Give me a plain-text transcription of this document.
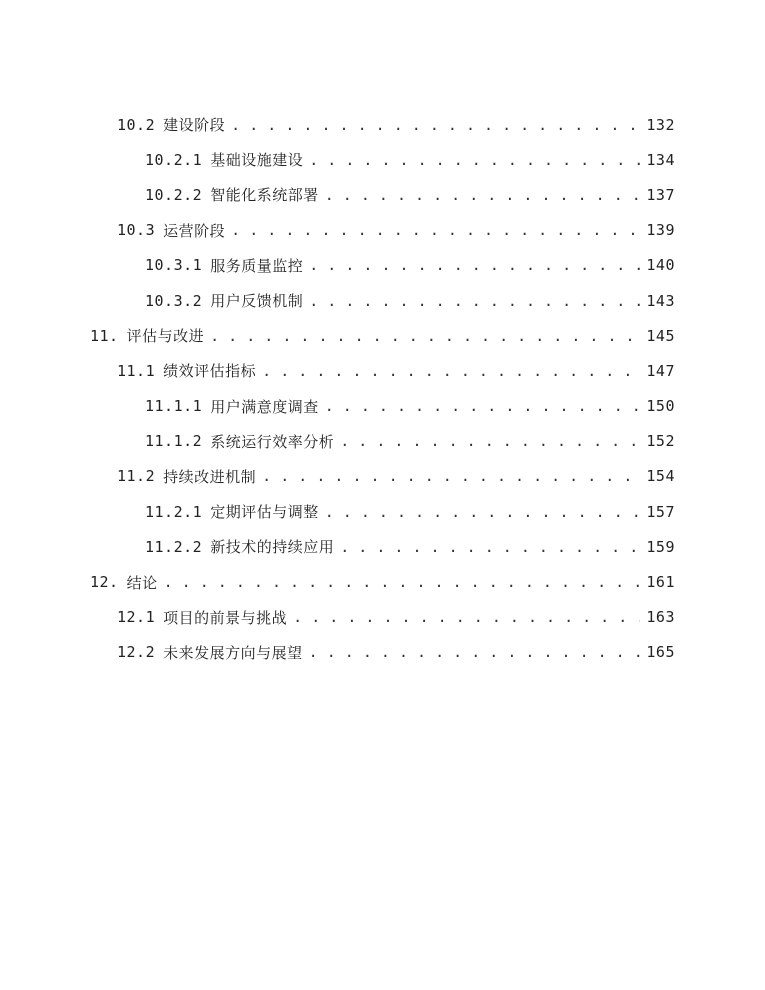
10.2 建设阶段 . . .	132
10.2.1 基础设施建设 . . .	134
10.2.2 智能化系统部署 . . .	137
10.3 运营阶段 . . .	139
10.3.1 服务质量监控 . . .	140
10.3.2 用户反馈机制 . . .	143
11. 评估与改进 . . .	145
11.1 绩效评估指标 . . .	147
11.1.1 用户满意度调查 . . .	150
11.1.2 系统运行效率分析 . . .	152
11.2 持续改进机制 . . .	154
11.2.1 定期评估与调整 . . .	157
11.2.2 新技术的持续应用 . . .	159
12. 结论 . . .	161
12.1 项目的前景与挑战 . . .	163
12.2 未来发展方向与展望 . . .	165
